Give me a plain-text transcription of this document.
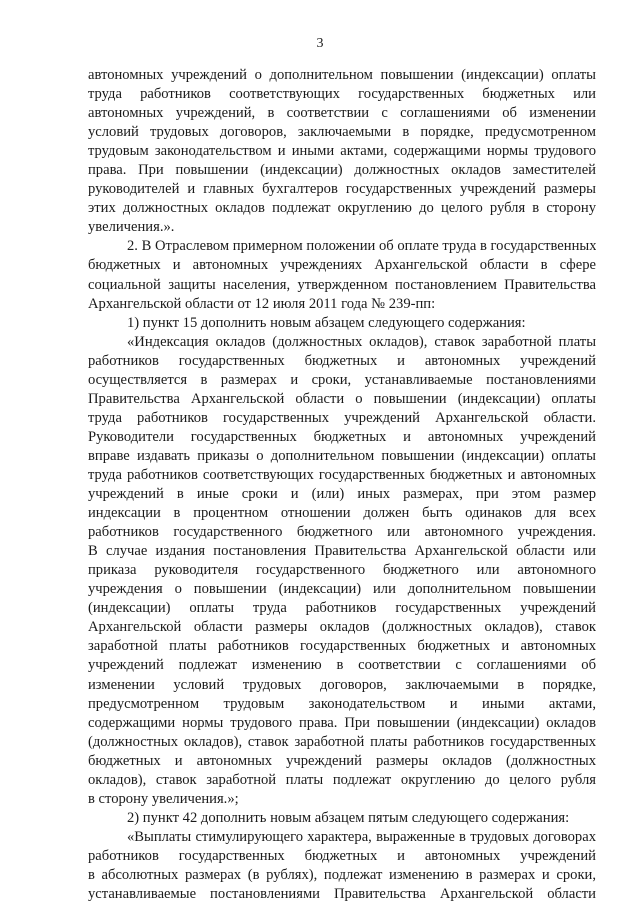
3
автономных учреждений о дополнительном повышении (индексации) оплаты
труда работников соответствующих государственных бюджетных или
автономных учреждений, в соответствии с соглашениями об изменении
условий трудовых договоров, заключаемыми в порядке, предусмотренном
трудовым законодательством и иными актами, содержащими нормы трудового
права. При повышении (индексации) должностных окладов заместителей
руководителей и главных бухгалтеров государственных учреждений размеры
этих должностных окладов подлежат округлению до целого рубля в сторону
увеличения.».
2. В Отраслевом примерном положении об оплате труда в государственных
бюджетных и автономных учреждениях Архангельской области в сфере
социальной защиты населения, утвержденном постановлением Правительства
Архангельской области от 12 июля 2011 года № 239-пп:
1) пункт 15 дополнить новым абзацем следующего содержания:
«Индексация окладов (должностных окладов), ставок заработной платы
работников государственных бюджетных и автономных учреждений
осуществляется в размерах и сроки, устанавливаемые постановлениями
Правительства Архангельской области о повышении (индексации) оплаты
труда работников государственных учреждений Архангельской области.
Руководители государственных бюджетных и автономных учреждений
вправе издавать приказы о дополнительном повышении (индексации) оплаты
труда работников соответствующих государственных бюджетных и автономных
учреждений в иные сроки и (или) иных размерах, при этом размер
индексации в процентном отношении должен быть одинаков для всех
работников государственного бюджетного или автономного учреждения.
В случае издания постановления Правительства Архангельской области или
приказа руководителя государственного бюджетного или автономного
учреждения о повышении (индексации) или дополнительном повышении
(индексации) оплаты труда работников государственных учреждений
Архангельской области размеры окладов (должностных окладов), ставок
заработной платы работников государственных бюджетных и автономных
учреждений подлежат изменению в соответствии с соглашениями об
изменении условий трудовых договоров, заключаемыми в порядке,
предусмотренном трудовым законодательством и иными актами,
содержащими нормы трудового права. При повышении (индексации) окладов
(должностных окладов), ставок заработной платы работников государственных
бюджетных и автономных учреждений размеры окладов (должностных
окладов), ставок заработной платы подлежат округлению до целого рубля
в сторону увеличения.»;
2) пункт 42 дополнить новым абзацем пятым следующего содержания:
«Выплаты стимулирующего характера, выраженные в трудовых договорах
работников государственных бюджетных и автономных учреждений
в абсолютных размерах (в рублях), подлежат изменению в размерах и сроки,
устанавливаемые постановлениями Правительства Архангельской области
